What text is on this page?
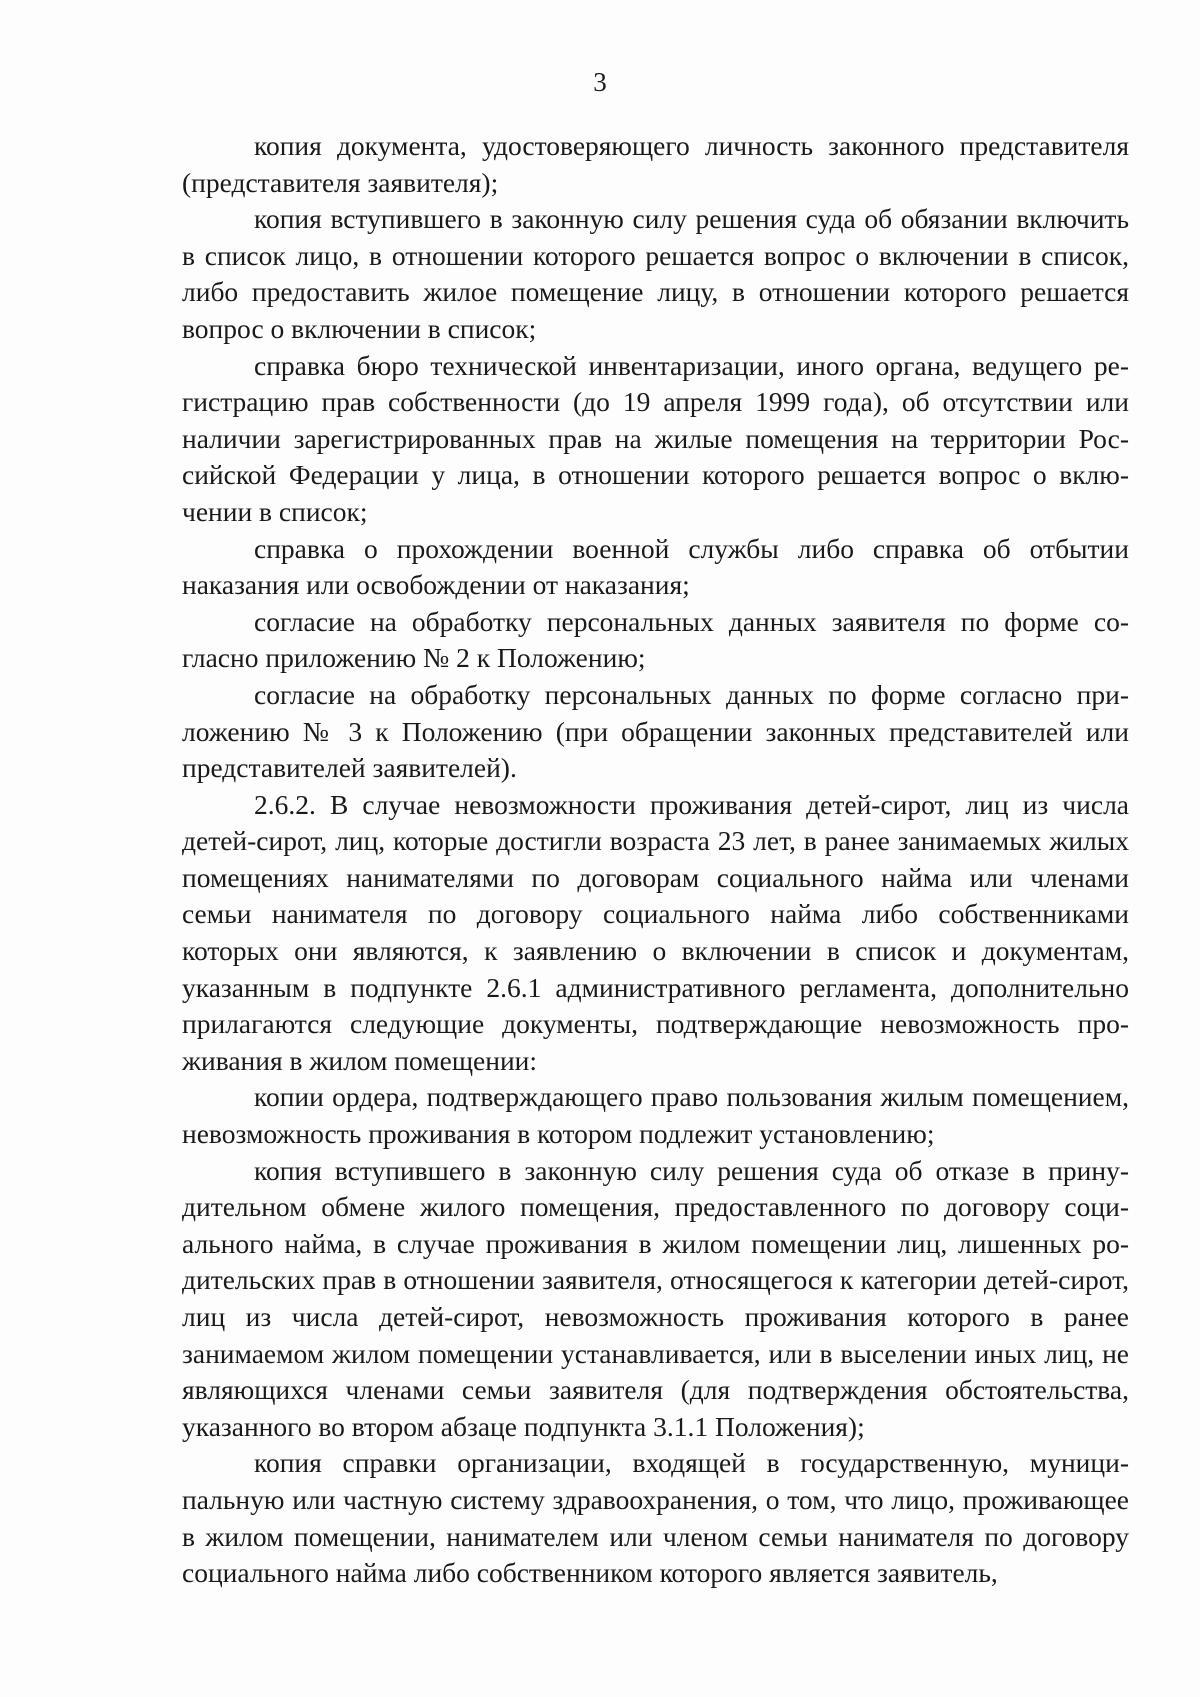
3

копия документа, удостоверяющего личность законного представителя (представителя заявителя);

копия вступившего в законную силу решения суда об обязании включить в список лицо, в отношении которого решается вопрос о включении в список, либо предоставить жилое помещение лицу, в отношении которого решается вопрос о включении в список;

справка бюро технической инвентаризации, иного органа, ведущего регистрацию прав собственности (до 19 апреля 1999 года), об отсутствии или наличии зарегистрированных прав на жилые помещения на территории Российской Федерации у лица, в отношении которого решается вопрос о включении в список;

справка о прохождении военной службы либо справка об отбытии наказания или освобождении от наказания;

согласие на обработку персональных данных заявителя по форме согласно приложению № 2 к Положению;

согласие на обработку персональных данных по форме согласно приложению № 3 к Положению (при обращении законных представителей или представителей заявителей).

2.6.2. В случае невозможности проживания детей-сирот, лиц из числа детей-сирот, лиц, которые достигли возраста 23 лет, в ранее занимаемых жилых помещениях нанимателями по договорам социального найма или членами семьи нанимателя по договору социального найма либо собственниками которых они являются, к заявлению о включении в список и документам, указанным в подпункте 2.6.1 административного регламента, дополнительно прилагаются следующие документы, подтверждающие невозможность проживания в жилом помещении:

копии ордера, подтверждающего право пользования жилым помещением, невозможность проживания в котором подлежит установлению;

копия вступившего в законную силу решения суда об отказе в принудительном обмене жилого помещения, предоставленного по договору социального найма, в случае проживания в жилом помещении лиц, лишенных родительских прав в отношении заявителя, относящегося к категории детей-сирот, лиц из числа детей-сирот, невозможность проживания которого в ранее занимаемом жилом помещении устанавливается, или в выселении иных лиц, не являющихся членами семьи заявителя (для подтверждения обстоятельства, указанного во втором абзаце подпункта 3.1.1 Положения);

копия справки организации, входящей в государственную, муниципальную или частную систему здравоохранения, о том, что лицо, проживающее в жилом помещении, нанимателем или членом семьи нанимателя по договору социального найма либо собственником которого является заявитель,
